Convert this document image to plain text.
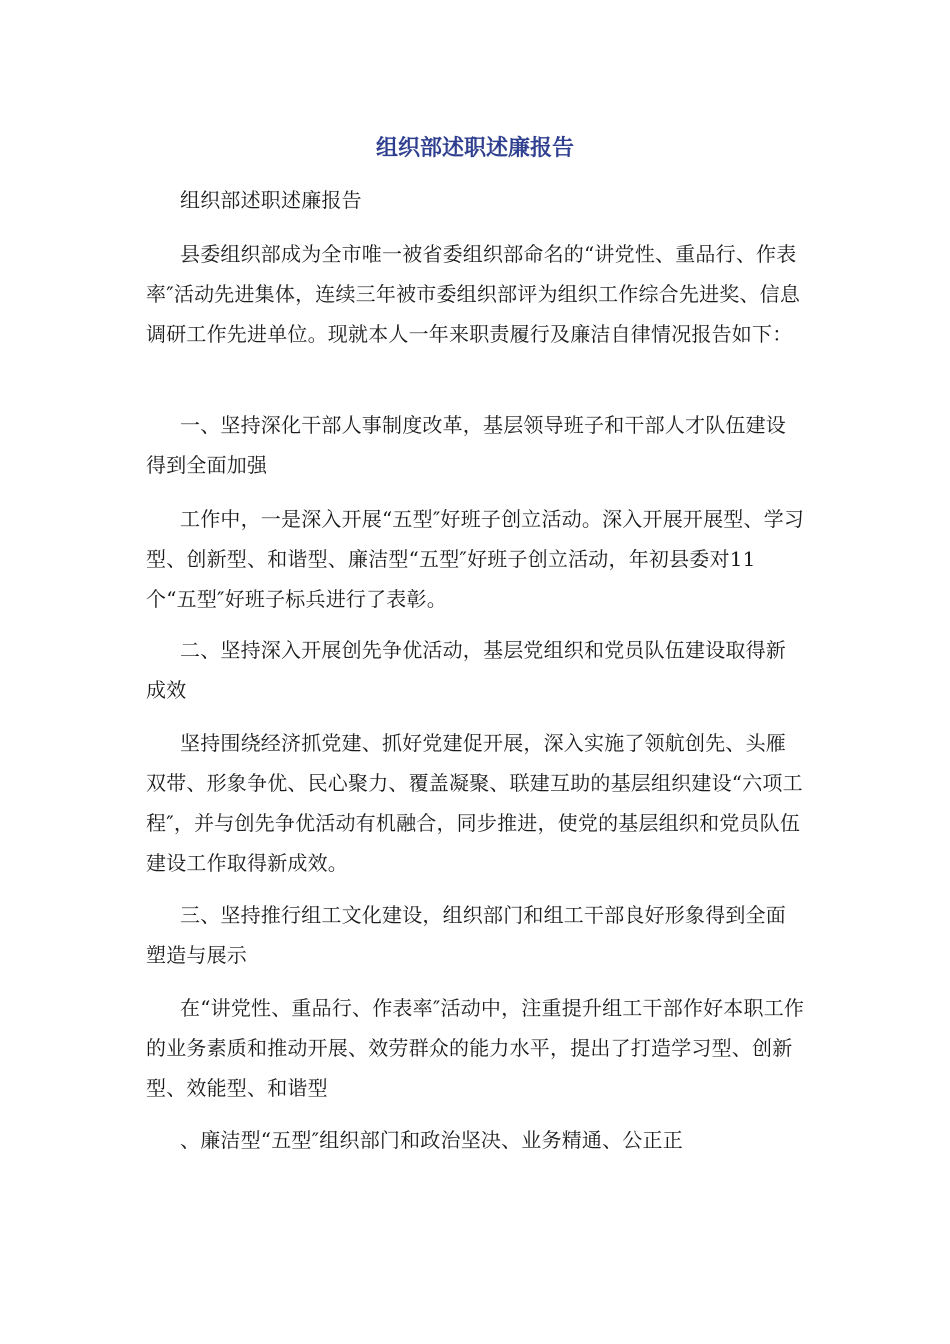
组织部述职述廉报告

组织部述职述廉报告

县委组织部成为全市唯一被省委组织部命名的“讲党性、重品行、作表率″活动先进集体，连续三年被市委组织部评为组织工作综合先进奖、信息调研工作先进单位。现就本人一年来职责履行及廉洁自律情况报告如下：

一、坚持深化干部人事制度改革，基层领导班子和干部人才队伍建设得到全面加强

工作中，一是深入开展“五型″好班子创立活动。深入开展开展型、学习型、创新型、和谐型、廉洁型“五型″好班子创立活动，年初县委对11个“五型″好班子标兵进行了表彰。

二、坚持深入开展创先争优活动，基层党组织和党员队伍建设取得新成效

坚持围绕经济抓党建、抓好党建促开展，深入实施了领航创先、头雁双带、形象争优、民心聚力、覆盖凝聚、联建互助的基层组织建设“六项工程″，并与创先争优活动有机融合，同步推进，使党的基层组织和党员队伍建设工作取得新成效。

三、坚持推行组工文化建设，组织部门和组工干部良好形象得到全面塑造与展示

在“讲党性、重品行、作表率″活动中，注重提升组工干部作好本职工作的业务素质和推动开展、效劳群众的能力水平，提出了打造学习型、创新型、效能型、和谐型

、廉洁型“五型″组织部门和政治坚决、业务精通、公正正
